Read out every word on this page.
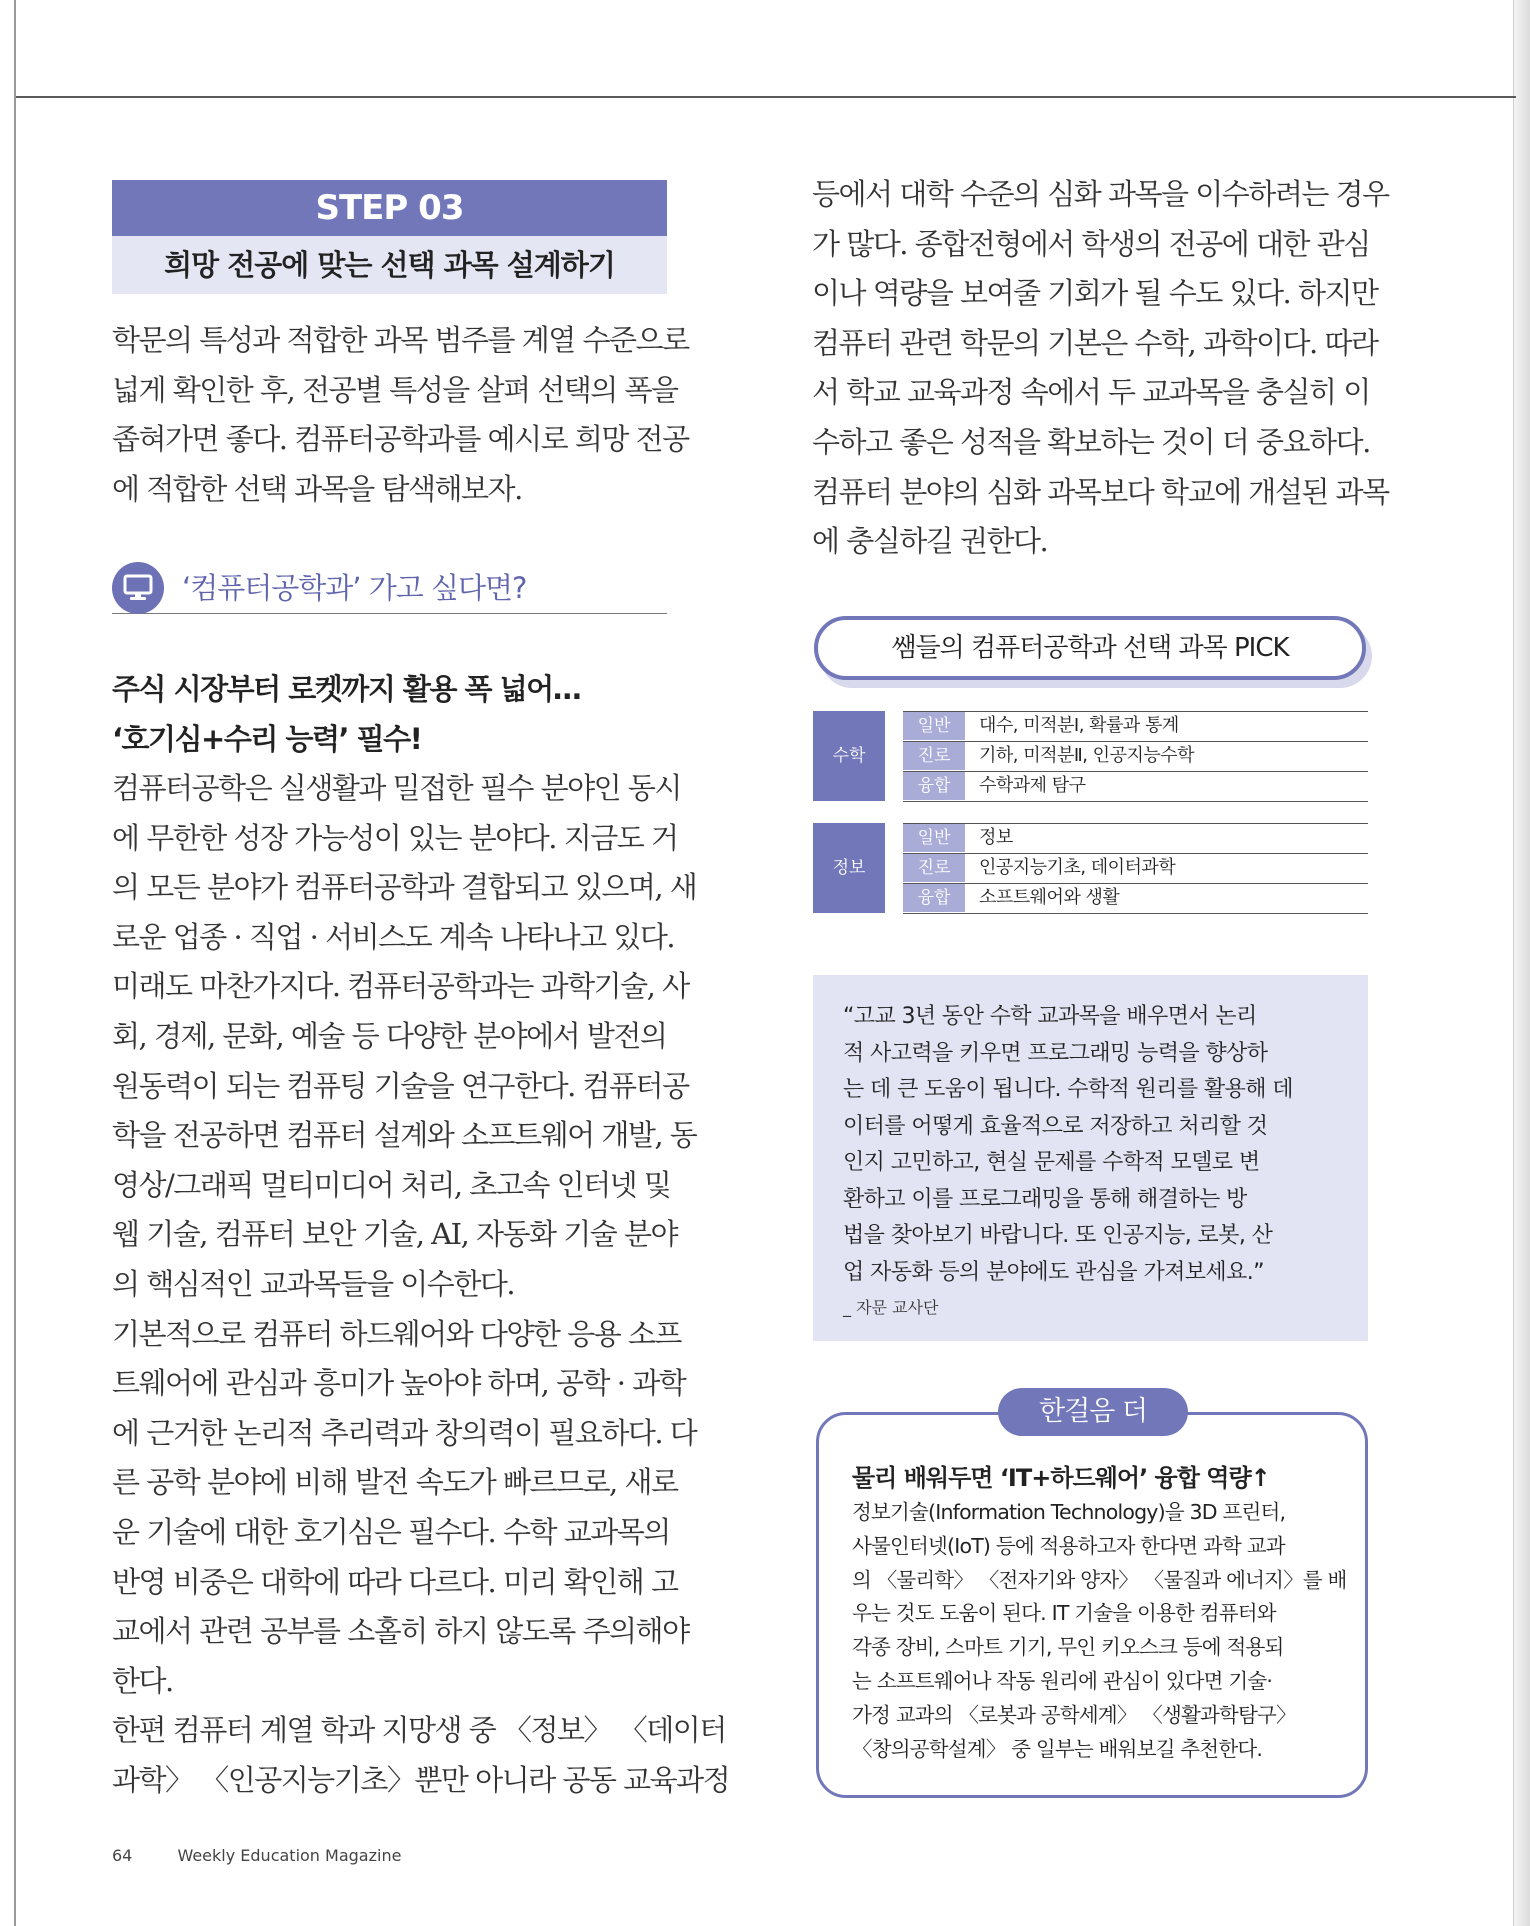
STEP 03
희망 전공에 맞는 선택 과목 설계하기

학문의 특성과 적합한 과목 범주를 계열 수준으로

넓게 확인한 후, 전공별 특성을 살펴 선택의 폭을

좁혀가면 좋다. 컴퓨터공학과를 예시로 희망 전공

에 적합한 선택 과목을 탐색해보자.

‘컴퓨터공학과’ 가고 싶다면?

주식 시장부터 로켓까지 활용 폭 넓어…

‘호기심+수리 능력’ 필수!

컴퓨터공학은 실생활과 밀접한 필수 분야인 동시

에 무한한 성장 가능성이 있는 분야다. 지금도 거

의 모든 분야가 컴퓨터공학과 결합되고 있으며, 새

로운 업종 · 직업 · 서비스도 계속 나타나고 있다.

미래도 마찬가지다. 컴퓨터공학과는 과학기술, 사

회, 경제, 문화, 예술 등 다양한 분야에서 발전의

원동력이 되는 컴퓨팅 기술을 연구한다. 컴퓨터공

학을 전공하면 컴퓨터 설계와 소프트웨어 개발, 동

영상/그래픽 멀티미디어 처리, 초고속 인터넷 및

웹 기술, 컴퓨터 보안 기술, AI, 자동화 기술 분야

의 핵심적인 교과목들을 이수한다.

기본적으로 컴퓨터 하드웨어와 다양한 응용 소프

트웨어에 관심과 흥미가 높아야 하며, 공학 · 과학

에 근거한 논리적 추리력과 창의력이 필요하다. 다

른 공학 분야에 비해 발전 속도가 빠르므로, 새로

운 기술에 대한 호기심은 필수다. 수학 교과목의

반영 비중은 대학에 따라 다르다. 미리 확인해 고

교에서 관련 공부를 소홀히 하지 않도록 주의해야

한다.

한편 컴퓨터 계열 학과 지망생 중 〈정보〉 〈데이터

과학〉 〈인공지능기초〉뿐만 아니라 공동 교육과정

등에서 대학 수준의 심화 과목을 이수하려는 경우

가 많다. 종합전형에서 학생의 전공에 대한 관심

이나 역량을 보여줄 기회가 될 수도 있다. 하지만

컴퓨터 관련 학문의 기본은 수학, 과학이다. 따라

서 학교 교육과정 속에서 두 교과목을 충실히 이

수하고 좋은 성적을 확보하는 것이 더 중요하다.

컴퓨터 분야의 심화 과목보다 학교에 개설된 과목

에 충실하길 권한다.

쌤들의 컴퓨터공학과 선택 과목 PICK
수학
일반	대수, 미적분Ⅰ, 확률과 통계
진로	기하, 미적분Ⅱ, 인공지능수학
융합	수학과제 탐구
정보
일반	정보
진로	인공지능기초, 데이터과학
융합	소프트웨어와 생활

“고교 3년 동안 수학 교과목을 배우면서 논리

적 사고력을 키우면 프로그래밍 능력을 향상하

는 데 큰 도움이 됩니다. 수학적 원리를 활용해 데

이터를 어떻게 효율적으로 저장하고 처리할 것

인지 고민하고, 현실 문제를 수학적 모델로 변

환하고 이를 프로그래밍을 통해 해결하는 방

법을 찾아보기 바랍니다. 또 인공지능, 로봇, 산

업 자동화 등의 분야에도 관심을 가져보세요.”

_ 자문 교사단
한걸음 더
물리 배워두면 ‘IT+하드웨어’ 융합 역량↑

정보기술(Information Technology)을 3D 프린터,

사물인터넷(IoT) 등에 적용하고자 한다면 과학 교과

의 〈물리학〉 〈전자기와 양자〉 〈물질과 에너지〉를 배

우는 것도 도움이 된다. IT 기술을 이용한 컴퓨터와

각종 장비, 스마트 기기, 무인 키오스크 등에 적용되

는 소프트웨어나 작동 원리에 관심이 있다면 기술·

가정 교과의 〈로봇과 공학세계〉 〈생활과학탐구〉

〈창의공학설계〉 중 일부는 배워보길 추천한다.

64	Weekly Education Magazine
